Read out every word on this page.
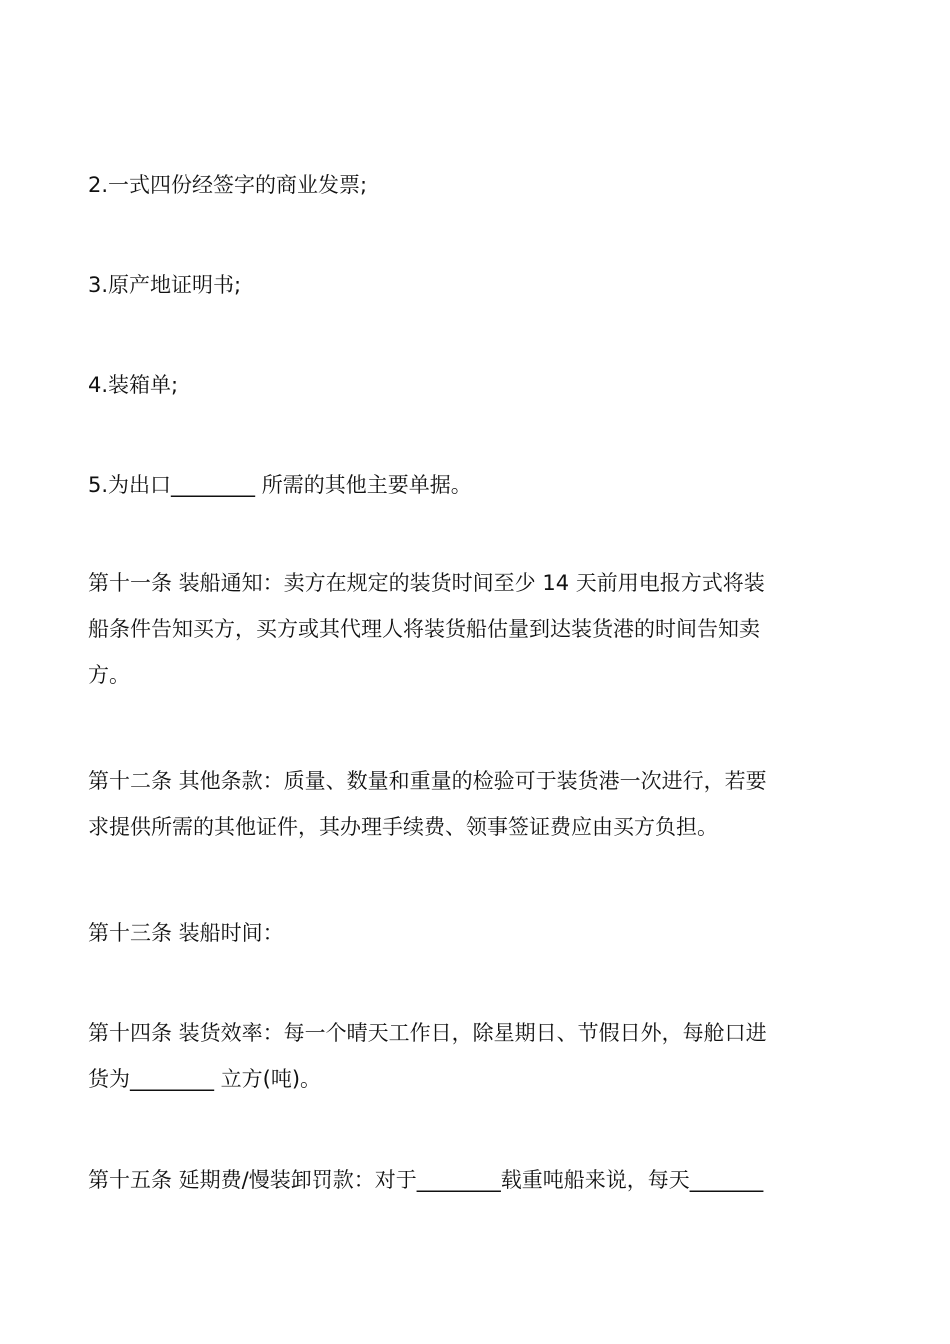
2.一式四份经签字的商业发票;

3.原产地证明书;

4.装箱单;

5.为出口________ 所需的其他主要单据。

第十一条 装船通知：卖方在规定的装货时间至少 14 天前用电报方式将装
船条件告知买方，买方或其代理人将装货船估量到达装货港的时间告知卖
方。

第十二条 其他条款：质量、数量和重量的检验可于装货港一次进行，若要
求提供所需的其他证件，其办理手续费、领事签证费应由买方负担。

第十三条 装船时间：

第十四条 装货效率：每一个晴天工作日，除星期日、节假日外，每舱口进
货为________ 立方(吨)。

第十五条 延期费/慢装卸罚款：对于________载重吨船来说，每天_______
